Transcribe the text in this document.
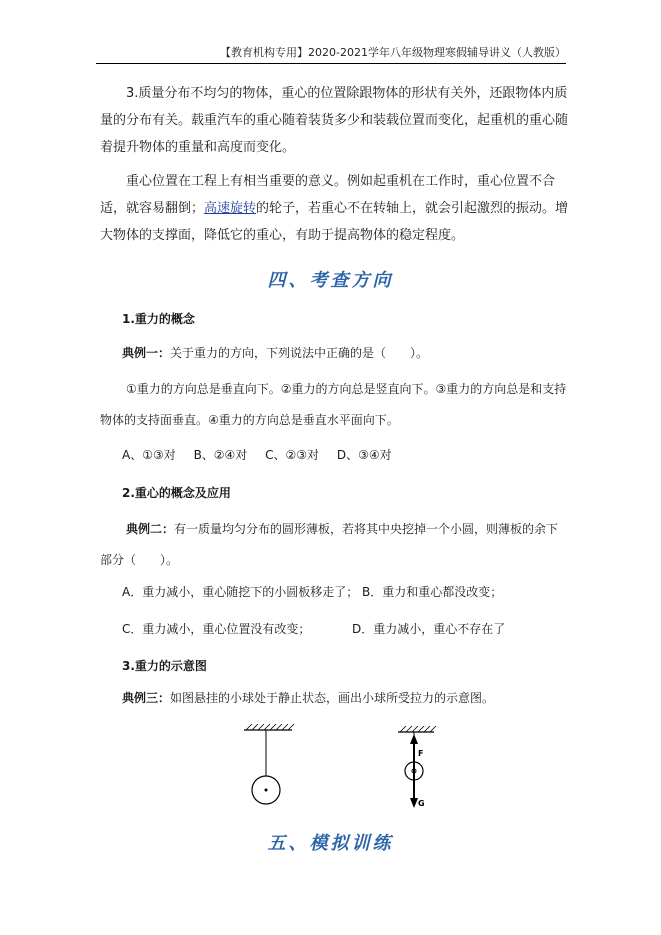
【教育机构专用】2020-2021学年八年级物理寒假辅导讲义（人教版）
3.质量分布不均匀的物体，重心的位置除跟物体的形状有关外，还跟物体内质量的分布有关。载重汽车的重心随着装货多少和装载位置而变化，起重机的重心随着提升物体的重量和高度而变化。
重心位置在工程上有相当重要的意义。例如起重机在工作时，重心位置不合适，就容易翻倒；高速旋转的轮子，若重心不在转轴上，就会引起激烈的振动。增大物体的支撑面，降低它的重心，有助于提高物体的稳定程度。
四、考查方向
1.重力的概念
典例一：关于重力的方向，下列说法中正确的是（　　）。
①重力的方向总是垂直向下。②重力的方向总是竖直向下。③重力的方向总是和支持物体的支持面垂直。④重力的方向总是垂直水平面向下。
A、①③对 B、②④对 C、②③对 D、③④对
2.重心的概念及应用
典例二：有一质量均匀分布的圆形薄板，若将其中央挖掉一个小圆，则薄板的余下部分（　　）。
A．重力减小，重心随挖下的小圆板移走了； B．重力和重心都没改变；
C．重力减小，重心位置没有改变；	D．重力减小，重心不存在了
3.重力的示意图
典例三：如图悬挂的小球处于静止状态，画出小球所受拉力的示意图。
F
G
五、模拟训练
